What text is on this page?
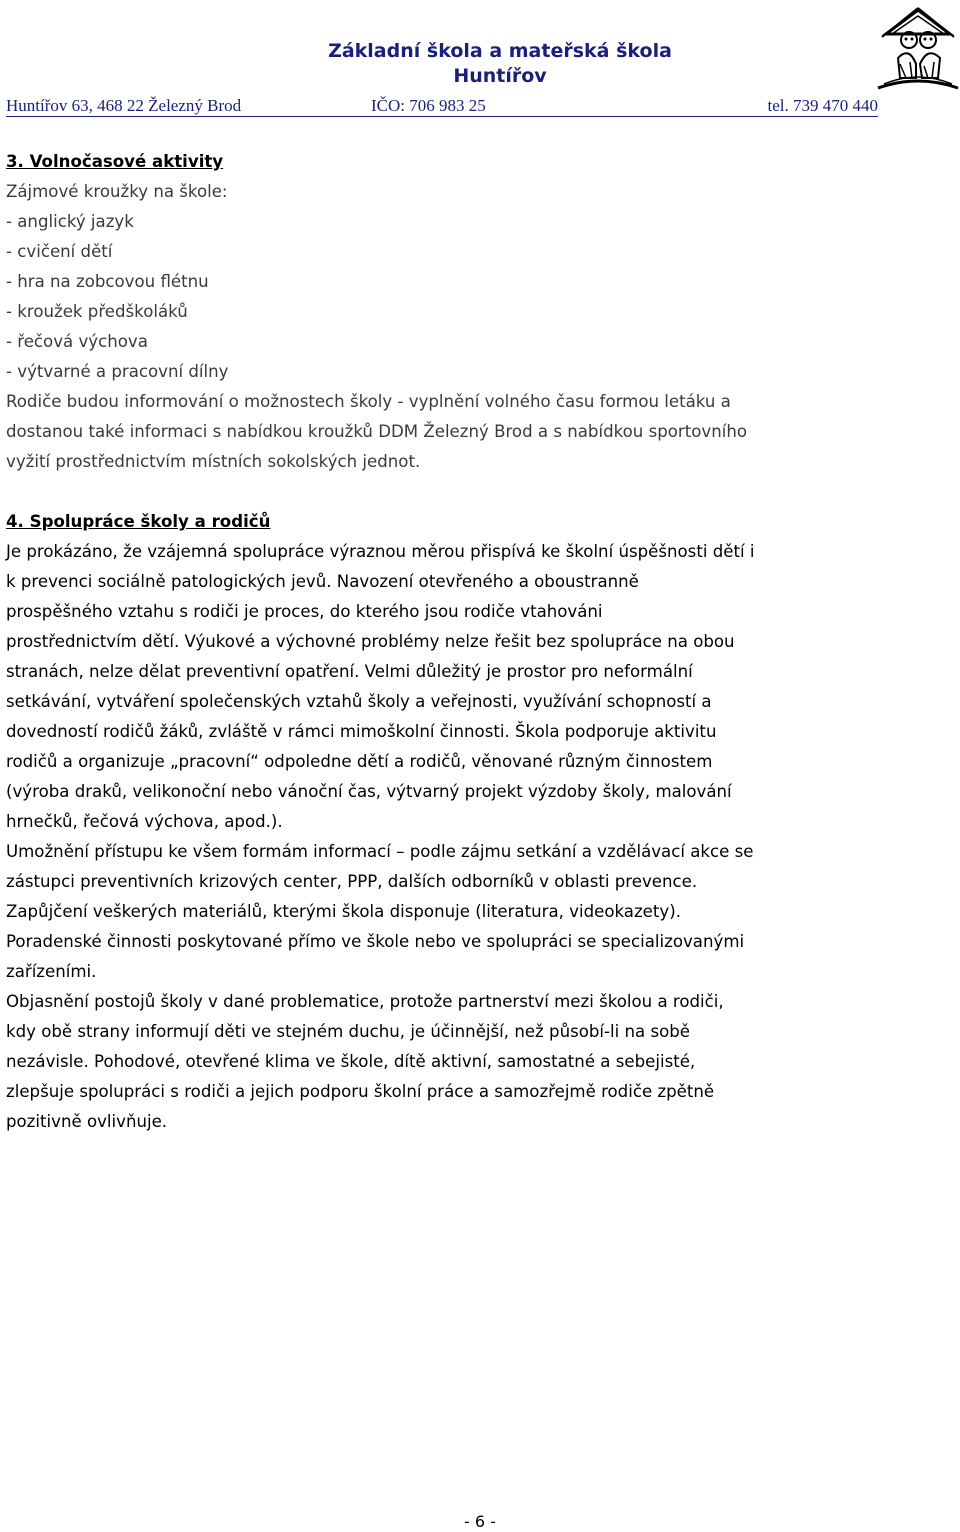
Základní škola a mateřská škola
Huntířov
Huntířov 63, 468 22 Železný Brod	IČO: 706 983 25	tel. 739 470 440
3. Volnočasové aktivity
Zájmové kroužky na škole:
- anglický jazyk
- cvičení dětí
- hra na zobcovou flétnu
- kroužek předškoláků
- řečová výchova
- výtvarné a pracovní dílny
Rodiče budou informování o možnostech školy - vyplnění volného času formou letáku a
dostanou také informaci s nabídkou kroužků DDM Železný Brod a s nabídkou sportovního
vyžití prostřednictvím místních sokolských jednot.
4. Spolupráce školy a rodičů
Je prokázáno, že vzájemná spolupráce výraznou měrou přispívá ke školní úspěšnosti dětí i
k prevenci sociálně patologických jevů. Navození otevřeného a oboustranně
prospěšného vztahu s rodiči je proces, do kterého jsou rodiče vtahováni
prostřednictvím dětí. Výukové a výchovné problémy nelze řešit bez spolupráce na obou
stranách, nelze dělat preventivní opatření. Velmi důležitý je prostor pro neformální
setkávání, vytváření společenských vztahů školy a veřejnosti, využívání schopností a
dovedností rodičů žáků, zvláště v rámci mimoškolní činnosti. Škola podporuje aktivitu
rodičů a organizuje „pracovní“ odpoledne dětí a rodičů, věnované různým činnostem
(výroba draků, velikonoční nebo vánoční čas, výtvarný projekt výzdoby školy, malování
hrnečků, řečová výchova, apod.).
Umožnění přístupu ke všem formám informací – podle zájmu setkání a vzdělávací akce se
zástupci preventivních krizových center, PPP, dalších odborníků v oblasti prevence.
Zapůjčení veškerých materiálů, kterými škola disponuje (literatura, videokazety).
Poradenské činnosti poskytované přímo ve škole nebo ve spolupráci se specializovanými
zařízeními.
Objasnění postojů školy v dané problematice, protože partnerství mezi školou a rodiči,
kdy obě strany informují děti ve stejném duchu, je účinnější, než působí-li na sobě
nezávisle. Pohodové, otevřené klima ve škole, dítě aktivní, samostatné a sebejisté,
zlepšuje spolupráci s rodiči a jejich podporu školní práce a samozřejmě rodiče zpětně
pozitivně ovlivňuje.
- 6 -
